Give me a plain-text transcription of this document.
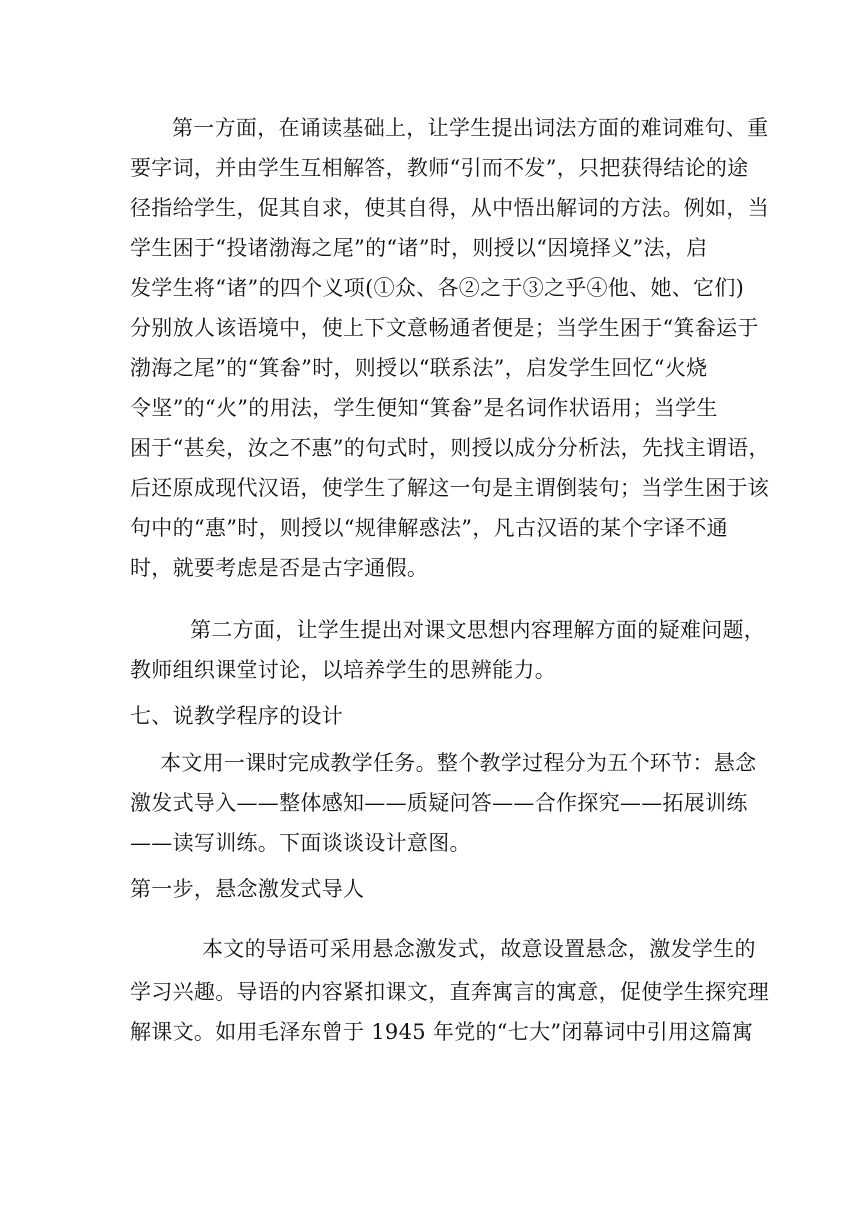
第一方面，在诵读基础上，让学生提出词法方面的难词难句、重
要字词，并由学生互相解答，教师“引而不发”，只把获得结论的途
径指给学生，促其自求，使其自得，从中悟出解词的方法。例如，当
学生困于“投诸渤海之尾”的“诸”时，则授以“因境择义”法，启
发学生将“诸”的四个义项(①众、各②之于③之乎④他、她、它们)
分别放人该语境中，使上下文意畅通者便是；当学生困于“箕畚运于
渤海之尾”的“箕畚”时，则授以“联系法”，启发学生回忆“火烧
令坚”的“火”的用法，学生便知“箕畚”是名词作状语用；当学生
困于“甚矣，汝之不惠”的句式时，则授以成分分析法，先找主谓语，
后还原成现代汉语，使学生了解这一句是主谓倒装句；当学生困于该
句中的“惠”时，则授以“规律解惑法”，凡古汉语的某个字译不通
时，就要考虑是否是古字通假。
第二方面，让学生提出对课文思想内容理解方面的疑难问题，
教师组织课堂讨论，以培养学生的思辨能力。
七、说教学程序的设计
本文用一课时完成教学任务。整个教学过程分为五个环节：悬念
激发式导入——整体感知——质疑问答——合作探究——拓展训练
——读写训练。下面谈谈设计意图。
第一步，悬念激发式导人
本文的导语可采用悬念激发式，故意设置悬念，激发学生的
学习兴趣。导语的内容紧扣课文，直奔寓言的寓意，促使学生探究理
解课文。如用毛泽东曾于 1945 年党的“七大”闭幕词中引用这篇寓
